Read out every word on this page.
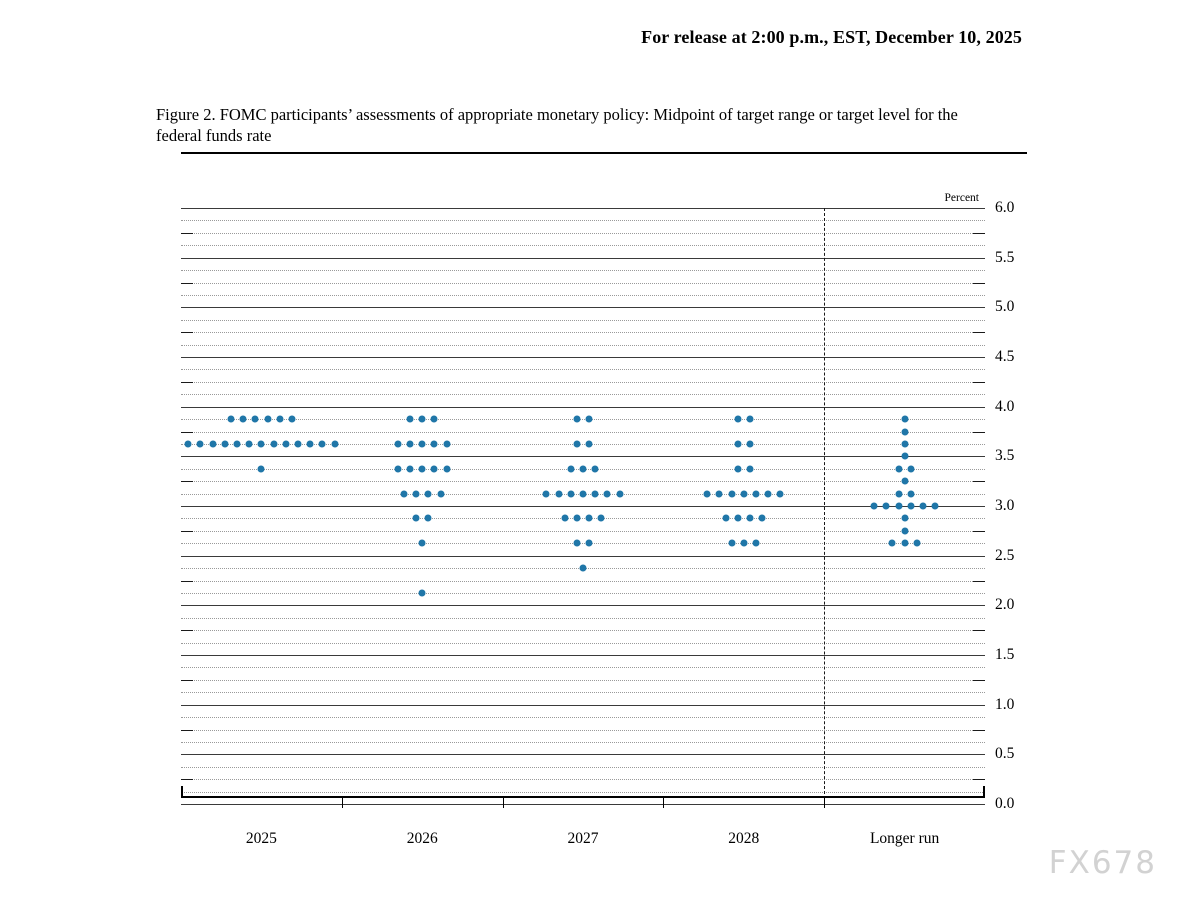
For release at 2:00 p.m., EST, December 10, 2025
Figure 2. FOMC participants’ assessments of appropriate monetary policy: Midpoint of target range or target level for the federal funds rate
Percent
6.0
5.5
5.0
4.5
4.0
3.5
3.0
2.5
2.0
1.5
1.0
0.5
0.0
2025	2026	2027	2028	Longer run
FX678
